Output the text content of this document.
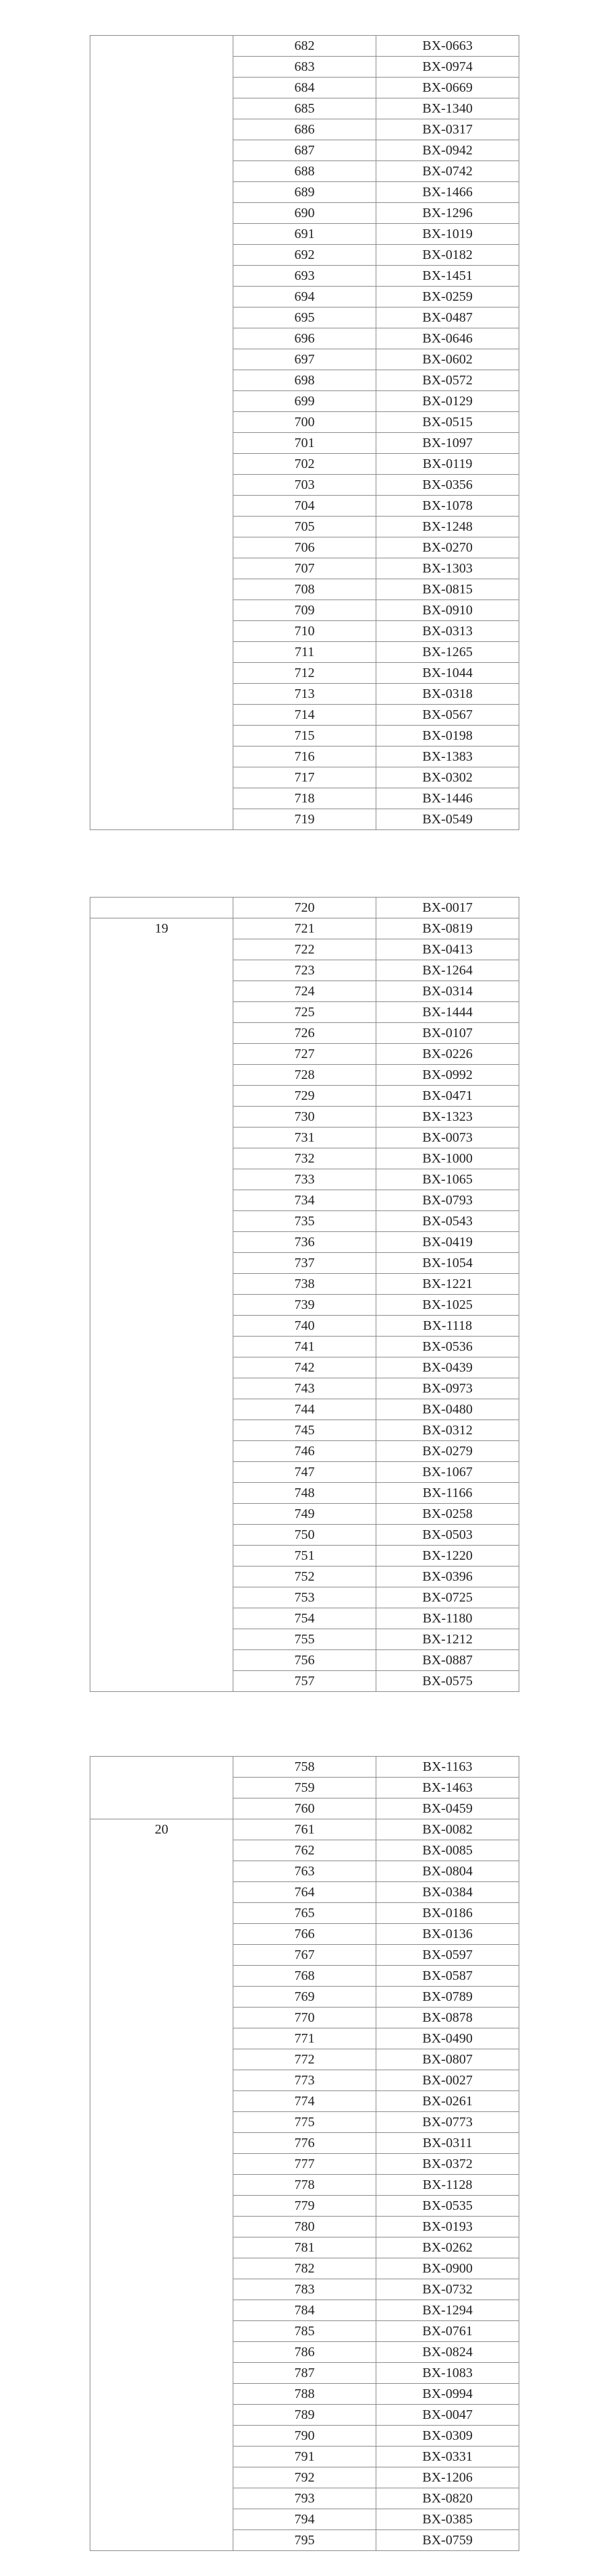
	682	BX-0663
	683	BX-0974
	684	BX-0669
	685	BX-1340
	686	BX-0317
	687	BX-0942
	688	BX-0742
	689	BX-1466
	690	BX-1296
	691	BX-1019
	692	BX-0182
	693	BX-1451
	694	BX-0259
	695	BX-0487
	696	BX-0646
	697	BX-0602
	698	BX-0572
	699	BX-0129
	700	BX-0515
	701	BX-1097
	702	BX-0119
	703	BX-0356
	704	BX-1078
	705	BX-1248
	706	BX-0270
	707	BX-1303
	708	BX-0815
	709	BX-0910
	710	BX-0313
	711	BX-1265
	712	BX-1044
	713	BX-0318
	714	BX-0567
	715	BX-0198
	716	BX-1383
	717	BX-0302
	718	BX-1446
	719	BX-0549
	720	BX-0017
19	721	BX-0819
	722	BX-0413
	723	BX-1264
	724	BX-0314
	725	BX-1444
	726	BX-0107
	727	BX-0226
	728	BX-0992
	729	BX-0471
	730	BX-1323
	731	BX-0073
	732	BX-1000
	733	BX-1065
	734	BX-0793
	735	BX-0543
	736	BX-0419
	737	BX-1054
	738	BX-1221
	739	BX-1025
	740	BX-1118
	741	BX-0536
	742	BX-0439
	743	BX-0973
	744	BX-0480
	745	BX-0312
	746	BX-0279
	747	BX-1067
	748	BX-1166
	749	BX-0258
	750	BX-0503
	751	BX-1220
	752	BX-0396
	753	BX-0725
	754	BX-1180
	755	BX-1212
	756	BX-0887
	757	BX-0575
	758	BX-1163
	759	BX-1463
	760	BX-0459
20	761	BX-0082
	762	BX-0085
	763	BX-0804
	764	BX-0384
	765	BX-0186
	766	BX-0136
	767	BX-0597
	768	BX-0587
	769	BX-0789
	770	BX-0878
	771	BX-0490
	772	BX-0807
	773	BX-0027
	774	BX-0261
	775	BX-0773
	776	BX-0311
	777	BX-0372
	778	BX-1128
	779	BX-0535
	780	BX-0193
	781	BX-0262
	782	BX-0900
	783	BX-0732
	784	BX-1294
	785	BX-0761
	786	BX-0824
	787	BX-1083
	788	BX-0994
	789	BX-0047
	790	BX-0309
	791	BX-0331
	792	BX-1206
	793	BX-0820
	794	BX-0385
	795	BX-0759
